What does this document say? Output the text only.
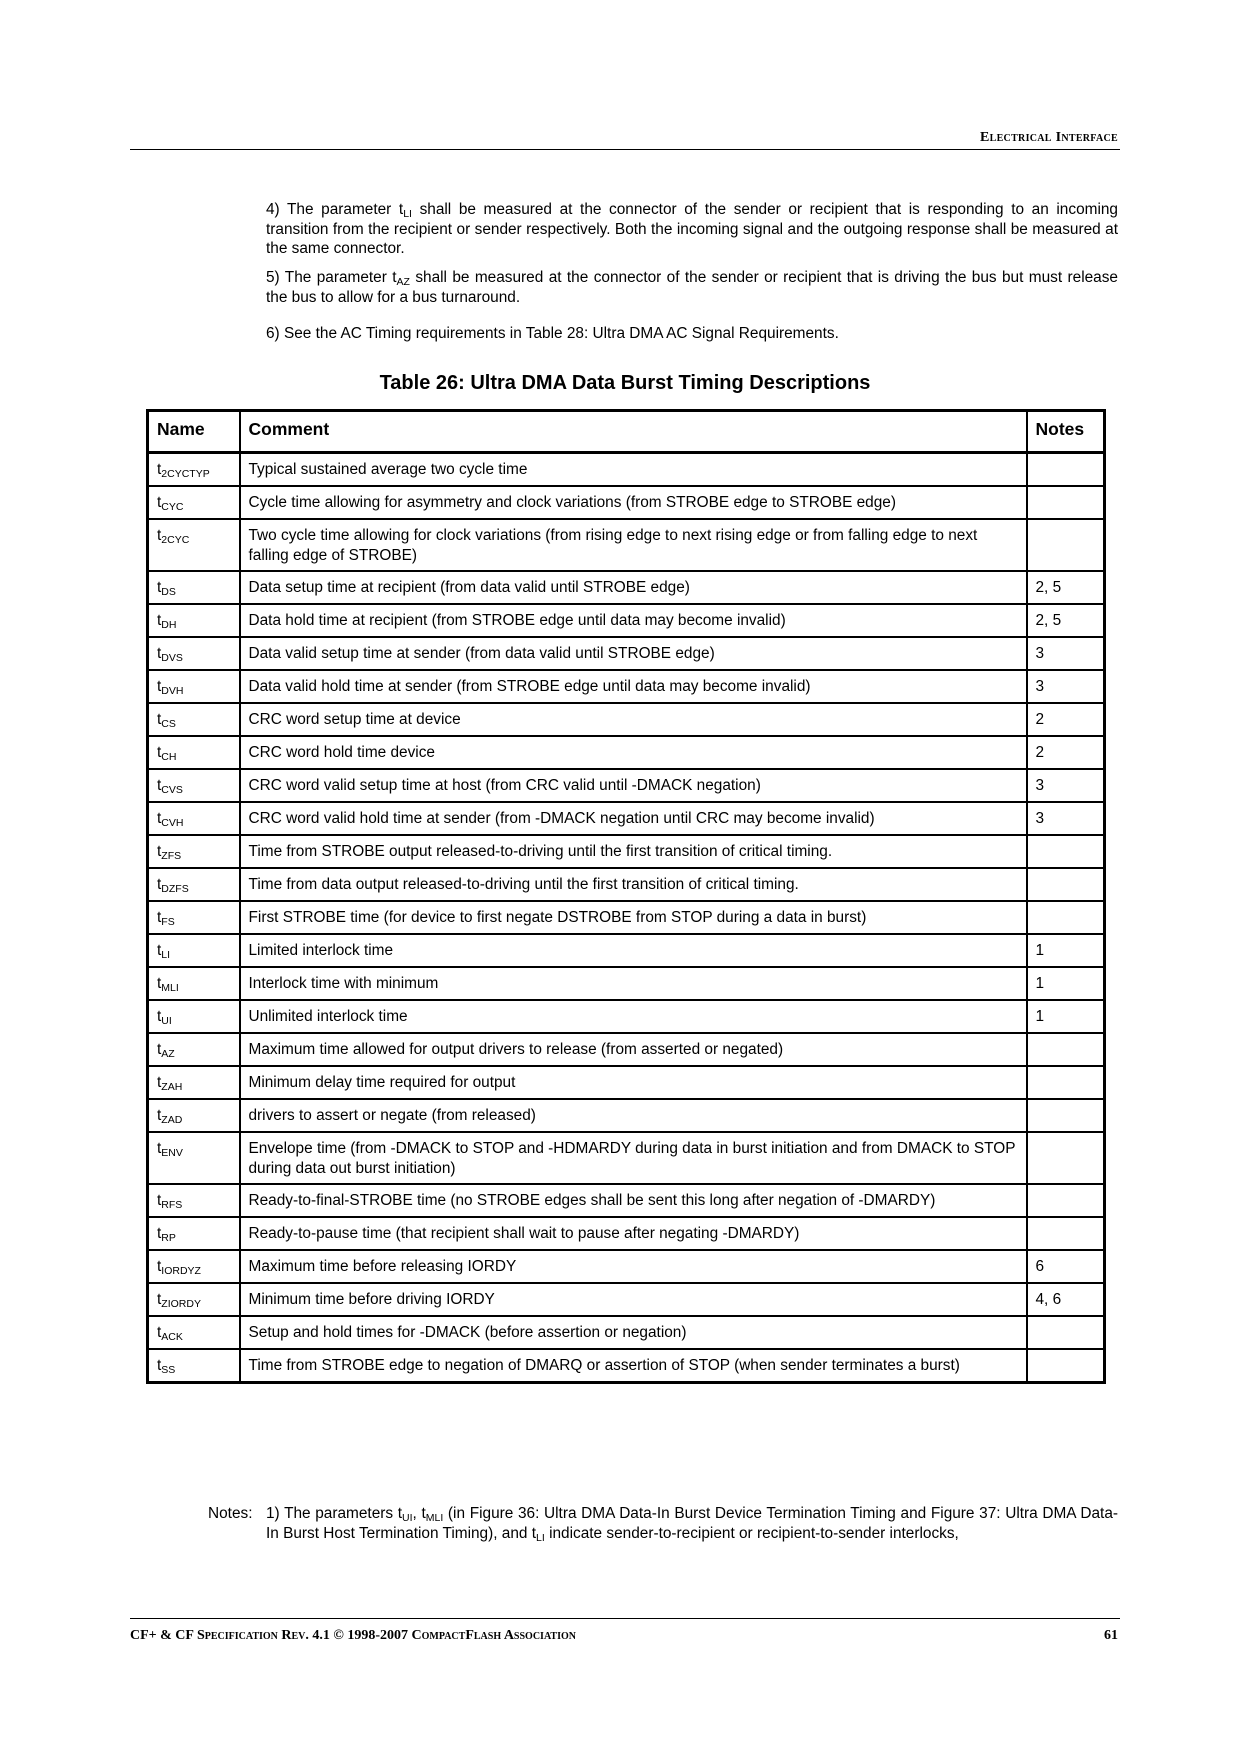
Electrical Interface
4) The parameter $t_{LI}$ shall be measured at the connector of the sender or recipient that is responding to an incoming transition from the recipient or sender respectively. Both the incoming signal and the outgoing response shall be measured at the same connector.
5) The parameter $t_{AZ}$ shall be measured at the connector of the sender or recipient that is driving the bus but must release the bus to allow for a bus turnaround.
6) See the AC Timing requirements in Table 28: Ultra DMA AC Signal Requirements.
Table 26: Ultra DMA Data Burst Timing Descriptions
Name	Comment	Notes
$t_{2CYCTYP}$	Typical sustained average two cycle time	
$t_{CYC}$	Cycle time allowing for asymmetry and clock variations (from STROBE edge to STROBE edge)	
$t_{2CYC}$	Two cycle time allowing for clock variations (from rising edge to next rising edge or from falling edge to next falling edge of STROBE)	
$t_{DS}$	Data setup time at recipient (from data valid until STROBE edge)	2, 5
$t_{DH}$	Data hold time at recipient (from STROBE edge until data may become invalid)	2, 5
$t_{DVS}$	Data valid setup time at sender (from data valid until STROBE edge)	3
$t_{DVH}$	Data valid hold time at sender (from STROBE edge until data may become invalid)	3
$t_{CS}$	CRC word setup time at device	2
$t_{CH}$	CRC word hold time device	2
$t_{CVS}$	CRC word valid setup time at host (from CRC valid until -DMACK negation)	3
$t_{CVH}$	CRC word valid hold time at sender (from -DMACK negation until CRC may become invalid)	3
$t_{ZFS}$	Time from STROBE output released-to-driving until the first transition of critical timing.	
$t_{DZFS}$	Time from data output released-to-driving until the first transition of critical timing.	
$t_{FS}$	First STROBE time (for device to first negate DSTROBE from STOP during a data in burst)	
$t_{LI}$	Limited interlock time	1
$t_{MLI}$	Interlock time with minimum	1
$t_{UI}$	Unlimited interlock time	1
$t_{AZ}$	Maximum time allowed for output drivers to release (from asserted or negated)	
$t_{ZAH}$	Minimum delay time required for output	
$t_{ZAD}$	drivers to assert or negate (from released)	
$t_{ENV}$	Envelope time (from -DMACK to STOP and -HDMARDY during data in burst initiation and from DMACK to STOP during data out burst initiation)	
$t_{RFS}$	Ready-to-final-STROBE time (no STROBE edges shall be sent this long after negation of -DMARDY)	
$t_{RP}$	Ready-to-pause time (that recipient shall wait to pause after negating -DMARDY)	
$t_{IORDYZ}$	Maximum time before releasing IORDY	6
$t_{ZIORDY}$	Minimum time before driving IORDY	4, 6
$t_{ACK}$	Setup and hold times for -DMACK (before assertion or negation)	
$t_{SS}$	Time from STROBE edge to negation of DMARQ or assertion of STOP (when sender terminates a burst)	
Notes: 1) The parameters $t_{UI}$, $t_{MLI}$ (in Figure 36: Ultra DMA Data-In Burst Device Termination Timing and Figure 37: Ultra DMA Data-In Burst Host Termination Timing), and $t_{LI}$ indicate sender-to-recipient or recipient-to-sender interlocks,
CF+ & CF Specification Rev. 4.1 © 1998-2007 CompactFlash Association	61
